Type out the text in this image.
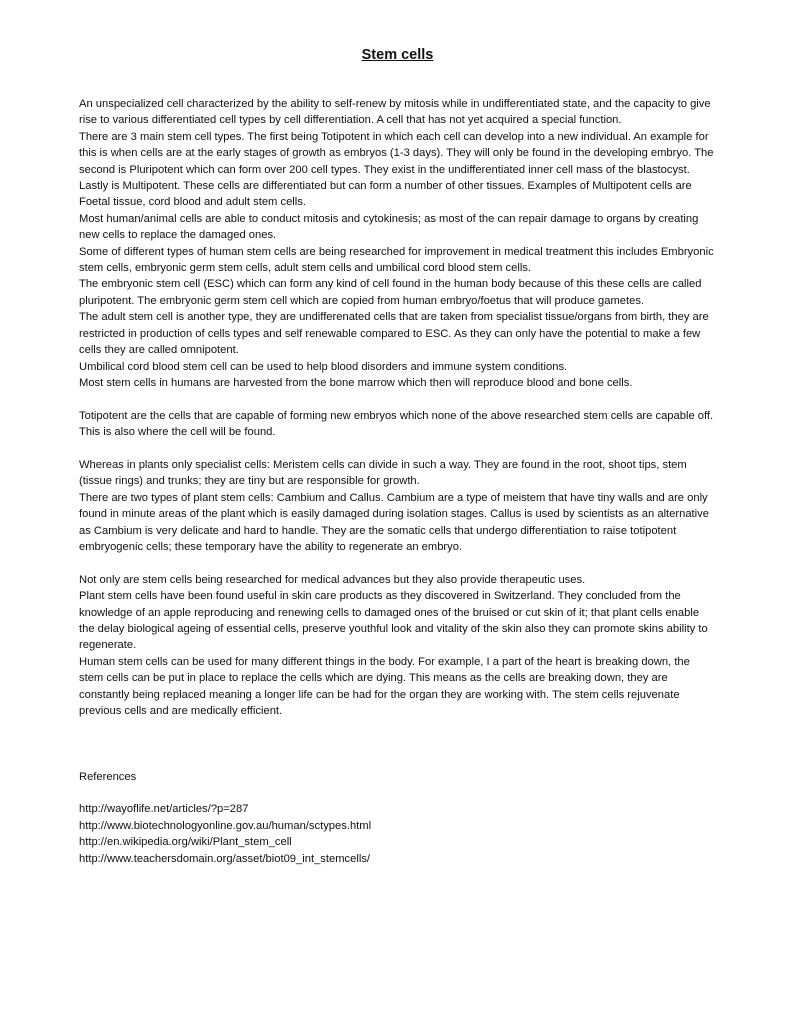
Stem cells

An unspecialized cell characterized by the ability to self-renew by mitosis while in undifferentiated state, and the capacity to give rise to various differentiated cell types by cell differentiation. A cell that has not yet acquired a special function.

There are 3 main stem cell types. The first being Totipotent in which each cell can develop into a new individual. An example for this is when cells are at the early stages of growth as embryos (1-3 days). They will only be found in the developing embryo. The second is Pluripotent which can form over 200 cell types. They exist in the undifferentiated inner cell mass of the blastocyst. Lastly is Multipotent. These cells are differentiated but can form a number of other tissues. Examples of Multipotent cells are Foetal tissue, cord blood and adult stem cells.

Most human/animal cells are able to conduct mitosis and cytokinesis; as most of the can repair damage to organs by creating new cells to replace the damaged ones.

Some of different types of human stem cells are being researched for improvement in medical treatment this includes Embryonic stem cells, embryonic germ stem cells, adult stem cells and umbilical cord blood stem cells.

The embryonic stem cell (ESC) which can form any kind of cell found in the human body because of this these cells are called pluripotent. The embryonic germ stem cell which are copied from human embryo/foetus that will produce gametes.

The adult stem cell is another type, they are undifferenated cells that are taken from specialist tissue/organs from birth, they are restricted in production of cells types and self renewable compared to ESC. As they can only have the potential to make a few cells they are called omnipotent.

Umbilical cord blood stem cell can be used to help blood disorders and immune system conditions.

Most stem cells in humans are harvested from the bone marrow which then will reproduce blood and bone cells.

Totipotent are the cells that are capable of forming new embryos which none of the above researched stem cells are capable off. This is also where the cell will be found.

Whereas in plants only specialist cells: Meristem cells can divide in such a way. They are found in the root, shoot tips, stem (tissue rings) and trunks; they are tiny but are responsible for growth.

There are two types of plant stem cells: Cambium and Callus. Cambium are a type of meistem that have tiny walls and are only found in minute areas of the plant which is easily damaged during isolation stages. Callus is used by scientists as an alternative as Cambium is very delicate and hard to handle. They are the somatic cells that undergo differentiation to raise totipotent embryogenic cells; these temporary have the ability to regenerate an embryo.

Not only are stem cells being researched for medical advances but they also provide therapeutic uses.

Plant stem cells have been found useful in skin care products as they discovered in Switzerland. They concluded from the knowledge of an apple reproducing and renewing cells to damaged ones of the bruised or cut skin of it; that plant cells enable the delay biological ageing of essential cells, preserve youthful look and vitality of the skin also they can promote skins ability to regenerate.

Human stem cells can be used for many different things in the body. For example, I a part of the heart is breaking down, the stem cells can be put in place to replace the cells which are dying. This means as the cells are breaking down, they are constantly being replaced meaning a longer life can be had for the organ they are working with. The stem cells rejuvenate previous cells and are medically efficient.

References

http://wayoflife.net/articles/?p=287

http://www.biotechnologyonline.gov.au/human/sctypes.html

http://en.wikipedia.org/wiki/Plant_stem_cell

http://www.teachersdomain.org/asset/biot09_int_stemcells/
